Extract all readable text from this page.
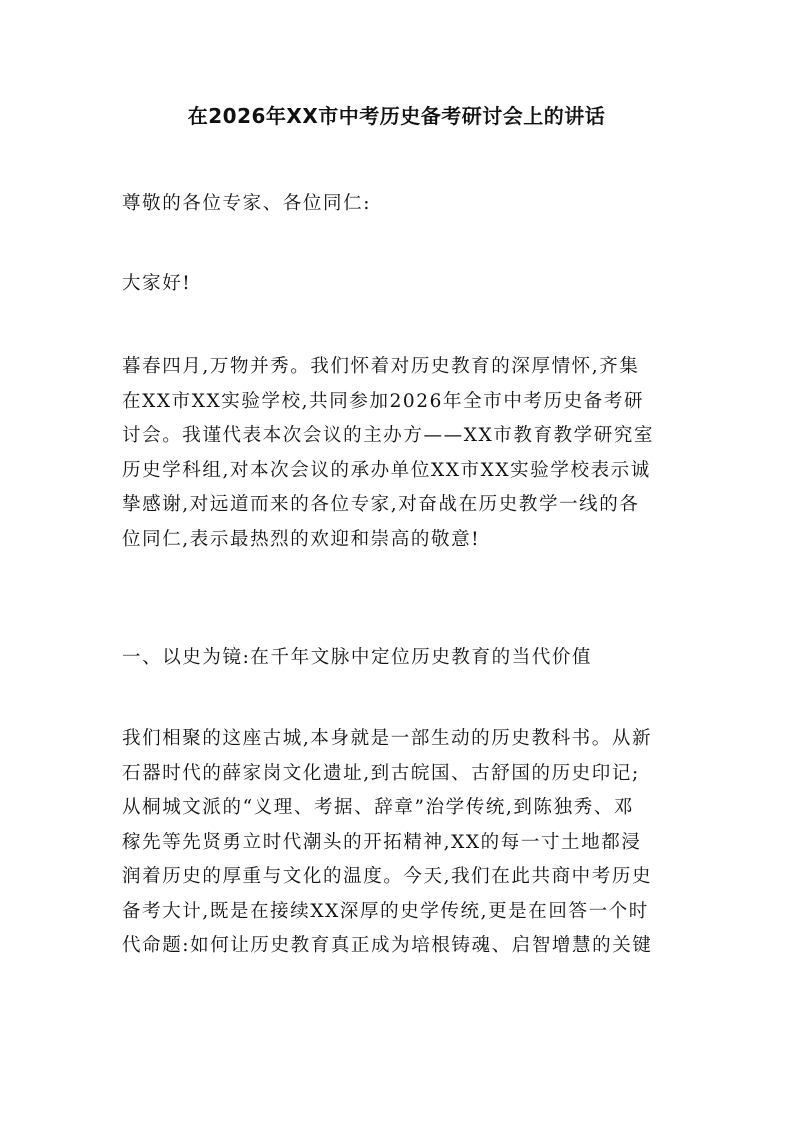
在2026年XX市中考历史备考研讨会上的讲话

尊敬的各位专家、各位同仁:

大家好!

暮春四月,万物并秀。我们怀着对历史教育的深厚情怀,齐集
在XX市XX实验学校,共同参加2026年全市中考历史备考研
讨会。我谨代表本次会议的主办方——XX市教育教学研究室
历史学科组,对本次会议的承办单位XX市XX实验学校表示诚
挚感谢,对远道而来的各位专家,对奋战在历史教学一线的各
位同仁,表示最热烈的欢迎和崇高的敬意!

一、以史为镜:在千年文脉中定位历史教育的当代价值

我们相聚的这座古城,本身就是一部生动的历史教科书。从新
石器时代的薛家岗文化遗址,到古皖国、古舒国的历史印记;
从桐城文派的“义理、考据、辞章”治学传统,到陈独秀、邓
稼先等先贤勇立时代潮头的开拓精神,XX的每一寸土地都浸
润着历史的厚重与文化的温度。今天,我们在此共商中考历史
备考大计,既是在接续XX深厚的史学传统,更是在回答一个时
代命题:如何让历史教育真正成为培根铸魂、启智增慧的关键
